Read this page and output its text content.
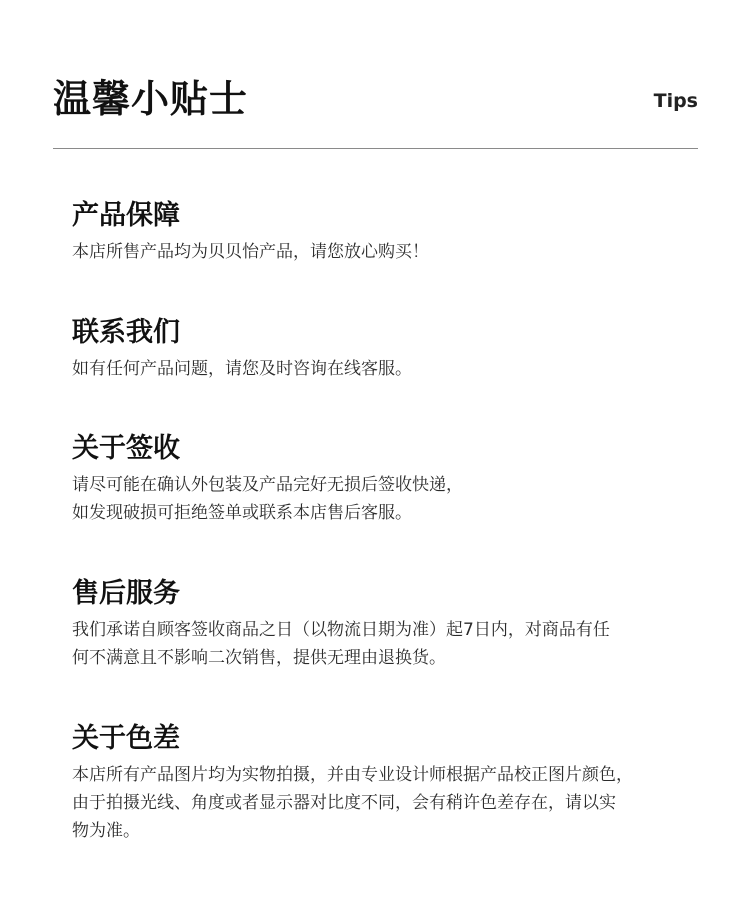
温馨小贴士	Tips
产品保障
本店所售产品均为贝贝怡产品，请您放心购买！
联系我们
如有任何产品问题，请您及时咨询在线客服。
关于签收
请尽可能在确认外包装及产品完好无损后签收快递，
如发现破损可拒绝签单或联系本店售后客服。
售后服务
我们承诺自顾客签收商品之日（以物流日期为准）起7日内，对商品有任
何不满意且不影响二次销售，提供无理由退换货。
关于色差
本店所有产品图片均为实物拍摄，并由专业设计师根据产品校正图片颜色，
由于拍摄光线、角度或者显示器对比度不同，会有稍许色差存在，请以实
物为准。
